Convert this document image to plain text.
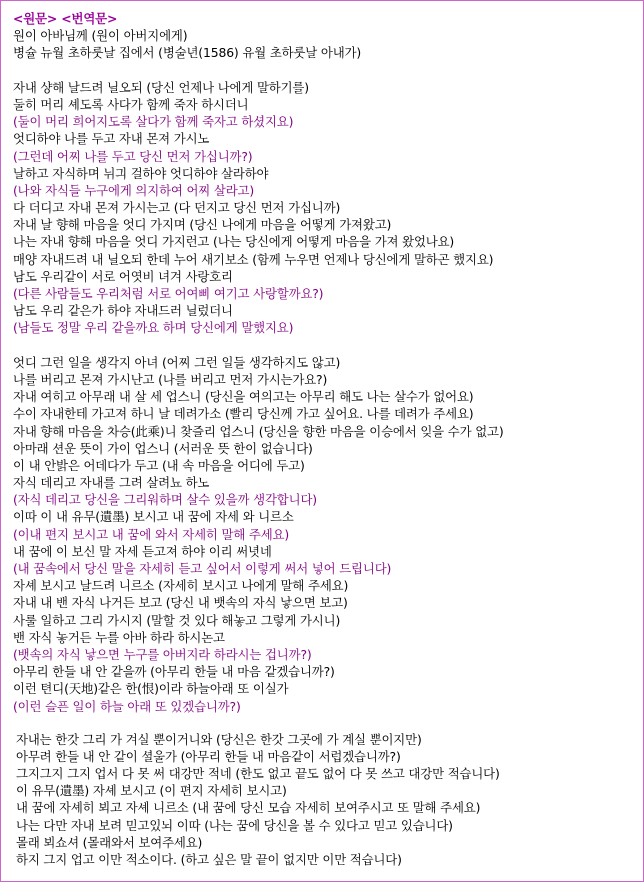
<원문> <번역문>
원이 아바님께 (원이 아버지에게)
병슐 뉴월 초하룻날 집에서 (병술년(1586) 유월 초하룻날 아내가)
자내 샹해 날드려 닐오되 (당신 언제나 나에게 말하기를)
둘히 머리 셰도록 사다가 함께 죽자 하시더니
(둘이 머리 희어지도록 살다가 함께 죽자고 하셨지요)
엇디하야 나를 두고 자내 몬져 가시노
(그런데 어찌 나를 두고 당신 먼저 가십니까?)
날하고 자식하며 뉘긔 걸하야 엇디하야 살라하야
(나와 자식들 누구에게 의지하여 어찌 살라고)
다 더디고 자내 몬져 가시는고 (다 던지고 당신 먼저 가십니까)
자내 날 향해 마음을 엇디 가지며 (당신 나에게 마음을 어떻게 가져왔고)
나는 자내 향해 마음을 엇디 가지런고 (나는 당신에게 어떻게 마음을 가져 왔었나요)
매양 자내드려 내 닐오되 한데 누어 새기보소 (함께 누우면 언제나 당신에게 말하곤 했지요)
남도 우리같이 서로 어엿비 녀겨 사랑호리
(다른 사람들도 우리처럼 서로 어여삐 여기고 사랑할까요?)
남도 우리 같은가 하야 자내드러 닐렀더니
(남들도 정말 우리 같을까요 하며 당신에게 말했지요)
엇디 그런 일을 생각지 아녀 (어찌 그런 일들 생각하지도 않고)
나를 버리고 몬져 가시난고 (나를 버리고 먼저 가시는가요?)
자내 여히고 아무래 내 살 세 업스니 (당신을 여의고는 아무리 해도 나는 살수가 없어요)
수이 자내한테 가고져 하니 날 데려가소 (빨리 당신께 가고 싶어요. 나를 데려가 주세요)
자내 향해 마음을 차승(此乘)니 찾즐리 업스니 (당신을 향한 마음을 이승에서 잊을 수가 없고)
아마래 션운 뜻이 가이 업스니 (서러운 뜻 한이 없습니다)
이 내 안밝은 어데다가 두고 (내 속 마음을 어디에 두고)
자식 데리고 자내를 그려 살려뇨 하노
(자식 데리고 당신을 그리워하며 살수 있을까 생각합니다)
이따 이 내 유무(遺墨) 보시고 내 꿈에 자세 와 니르소
(이내 편지 보시고 내 꿈에 와서 자세히 말해 주세요)
내 꿈에 이 보신 말 자세 듣고져 하야 이리 써녓네
(내 꿈속에서 당신 말을 자세히 듣고 싶어서 이렇게 써서 넣어 드립니다)
자셰 보시고 날드려 니르소 (자세히 보시고 나에게 말해 주세요)
자내 내 밴 자식 나거든 보고 (당신 내 뱃속의 자식 낳으면 보고)
사룰 일하고 그리 가시지 (말할 것 있다 해놓고 그렇게 가시니)
밴 자식 놓거든 누를 아바 하라 하시논고
(뱃속의 자식 낳으면 누구를 아버지라 하라시는 겁니까?)
아무리 한들 내 안 같을까 (아무리 한들 내 마음 같겠습니까?)
이런 텬디(天地)같은 한(恨)이라 하늘아래 또 이실가
(이런 슬픈 일이 하늘 아래 또 있겠습니까?)
자내는 한갓 그리 가 겨실 뿐이거니와 (당신은 한갓 그곳에 가 계실 뿐이지만)
아무려 한들 내 안 같이 셜울가 (아무리 한들 내 마음같이 서럽겠습니까?)
그지그지 그지 업서 다 못 써 대강만 적네 (한도 없고 끝도 없어 다 못 쓰고 대강만 적습니다)
이 유무(遺墨) 자셰 보시고 (이 편지 자세히 보시고)
내 꿈에 자셰히 뵈고 자셰 니르소 (내 꿈에 당신 모습 자세히 보여주시고 또 말해 주세요)
나는 다만 자내 보려 믿고있뇌 이따 (나는 꿈에 당신을 볼 수 있다고 믿고 있습니다)
몰래 뵈쇼셔 (몰래와서 보여주세요)
하지 그지 업고 이만 적소이다. (하고 싶은 말 끝이 없지만 이만 적습니다)
